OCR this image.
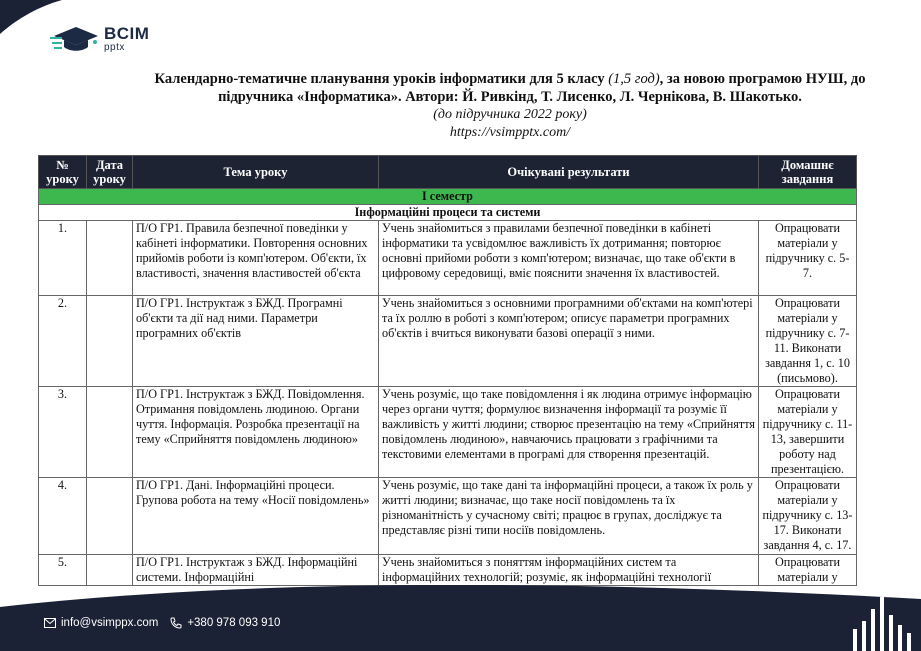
BCIM
pptx
Календарно-тематичне планування уроків інформатики для 5 класу (1,5 год), за новою програмою НУШ, до
підручника «Інформатика». Автори: Й. Ривкінд, Т. Лисенко, Л. Чернікова, В. Шакотько.
(до підручника 2022 року)
https://vsimpptx.com/
№ уроку	Дата уроку	Тема уроку	Очікувані результати	Домашнє завдання
I семестр				
Інформаційні процеси та системи				
1.		П/О ГР1. Правила безпечної поведінки у кабінеті інформатики. Повторення основних прийомів роботи із комп'ютером. Об'єкти, їх властивості, значення властивостей об'єкта	Учень знайомиться з правилами безпечної поведінки в кабінеті інформатики та усвідомлює важливість їх дотримання; повторює основні прийоми роботи з комп'ютером; визначає, що таке об'єкти в цифровому середовищі, вміє пояснити значення їх властивостей.	Опрацювати матеріали у підручнику с. 5-7.
2.		П/О ГР1. Інструктаж з БЖД. Програмні об'єкти та дії над ними. Параметри програмних об'єктів	Учень знайомиться з основними програмними об'єктами на комп'ютері та їх роллю в роботі з комп'ютером; описує параметри програмних об'єктів і вчиться виконувати базові операції з ними.	Опрацювати матеріали у підручнику с. 7-11. Виконати завдання 1, с. 10 (письмово).
3.		П/О ГР1. Інструктаж з БЖД. Повідомлення. Отримання повідомлень людиною. Органи чуття. Інформація. Розробка презентації на тему «Сприйняття повідомлень людиною»	Учень розуміє, що таке повідомлення і як людина отримує інформацію через органи чуття; формулює визначення інформації та розуміє її важливість у житті людини; створює презентацію на тему «Сприйняття повідомлень людиною», навчаючись працювати з графічними та текстовими елементами в програмі для створення презентацій.	Опрацювати матеріали у підручнику с. 11-13, завершити роботу над презентацією.
4.		П/О ГР1. Дані. Інформаційні процеси. Групова робота на тему «Носії повідомлень»	Учень розуміє, що таке дані та інформаційні процеси, а також їх роль у житті людини; визначає, що таке носії повідомлень та їх різноманітність у сучасному світі; працює в групах, досліджує та представляє різні типи носіїв повідомлень.	Опрацювати матеріали у підручнику с. 13-17. Виконати завдання 4, с. 17.
5.		П/О ГР1. Інструктаж з БЖД. Інформаційні системи. Інформаційні	Учень знайомиться з поняттям інформаційних систем та інформаційних технологій; розуміє, як інформаційні технології	Опрацювати матеріали у
info@vsimppx.com	+380 978 093 910
